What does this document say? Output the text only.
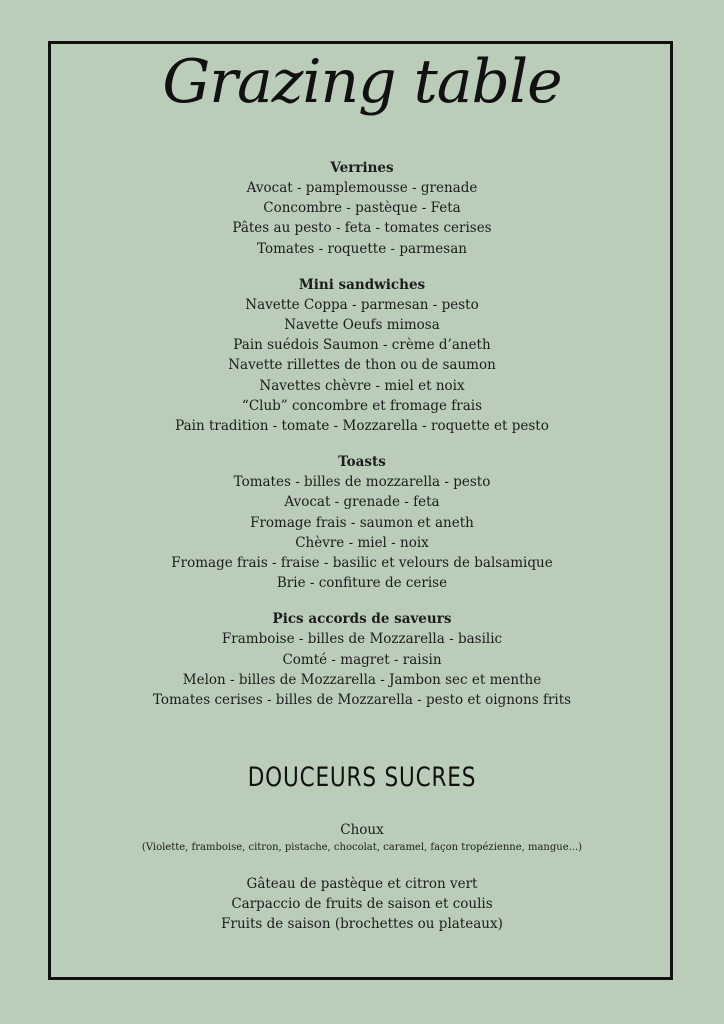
Grazing table

Verrines

Avocat - pamplemousse - grenade

Concombre - pastèque - Feta

Pâtes au pesto - feta - tomates cerises

Tomates - roquette - parmesan

Mini sandwiches

Navette Coppa - parmesan - pesto

Navette Oeufs mimosa

Pain suédois Saumon - crème d’aneth

Navette rillettes de thon ou de saumon

Navettes chèvre - miel et noix

“Club” concombre et fromage frais

Pain tradition - tomate - Mozzarella - roquette et pesto

Toasts

Tomates - billes de mozzarella - pesto

Avocat - grenade - feta

Fromage frais - saumon et aneth

Chèvre - miel - noix

Fromage frais - fraise - basilic et velours de balsamique

Brie - confiture de cerise

Pics accords de saveurs

Framboise - billes de Mozzarella - basilic

Comté - magret - raisin

Melon - billes de Mozzarella - Jambon sec et menthe

Tomates cerises - billes de Mozzarella - pesto et oignons frits

DOUCEURS SUCRES

Choux

(Violette, framboise, citron, pistache, chocolat, caramel, façon tropézienne, mangue...)

Gâteau de pastèque et citron vert

Carpaccio de fruits de saison et coulis

Fruits de saison (brochettes ou plateaux)
